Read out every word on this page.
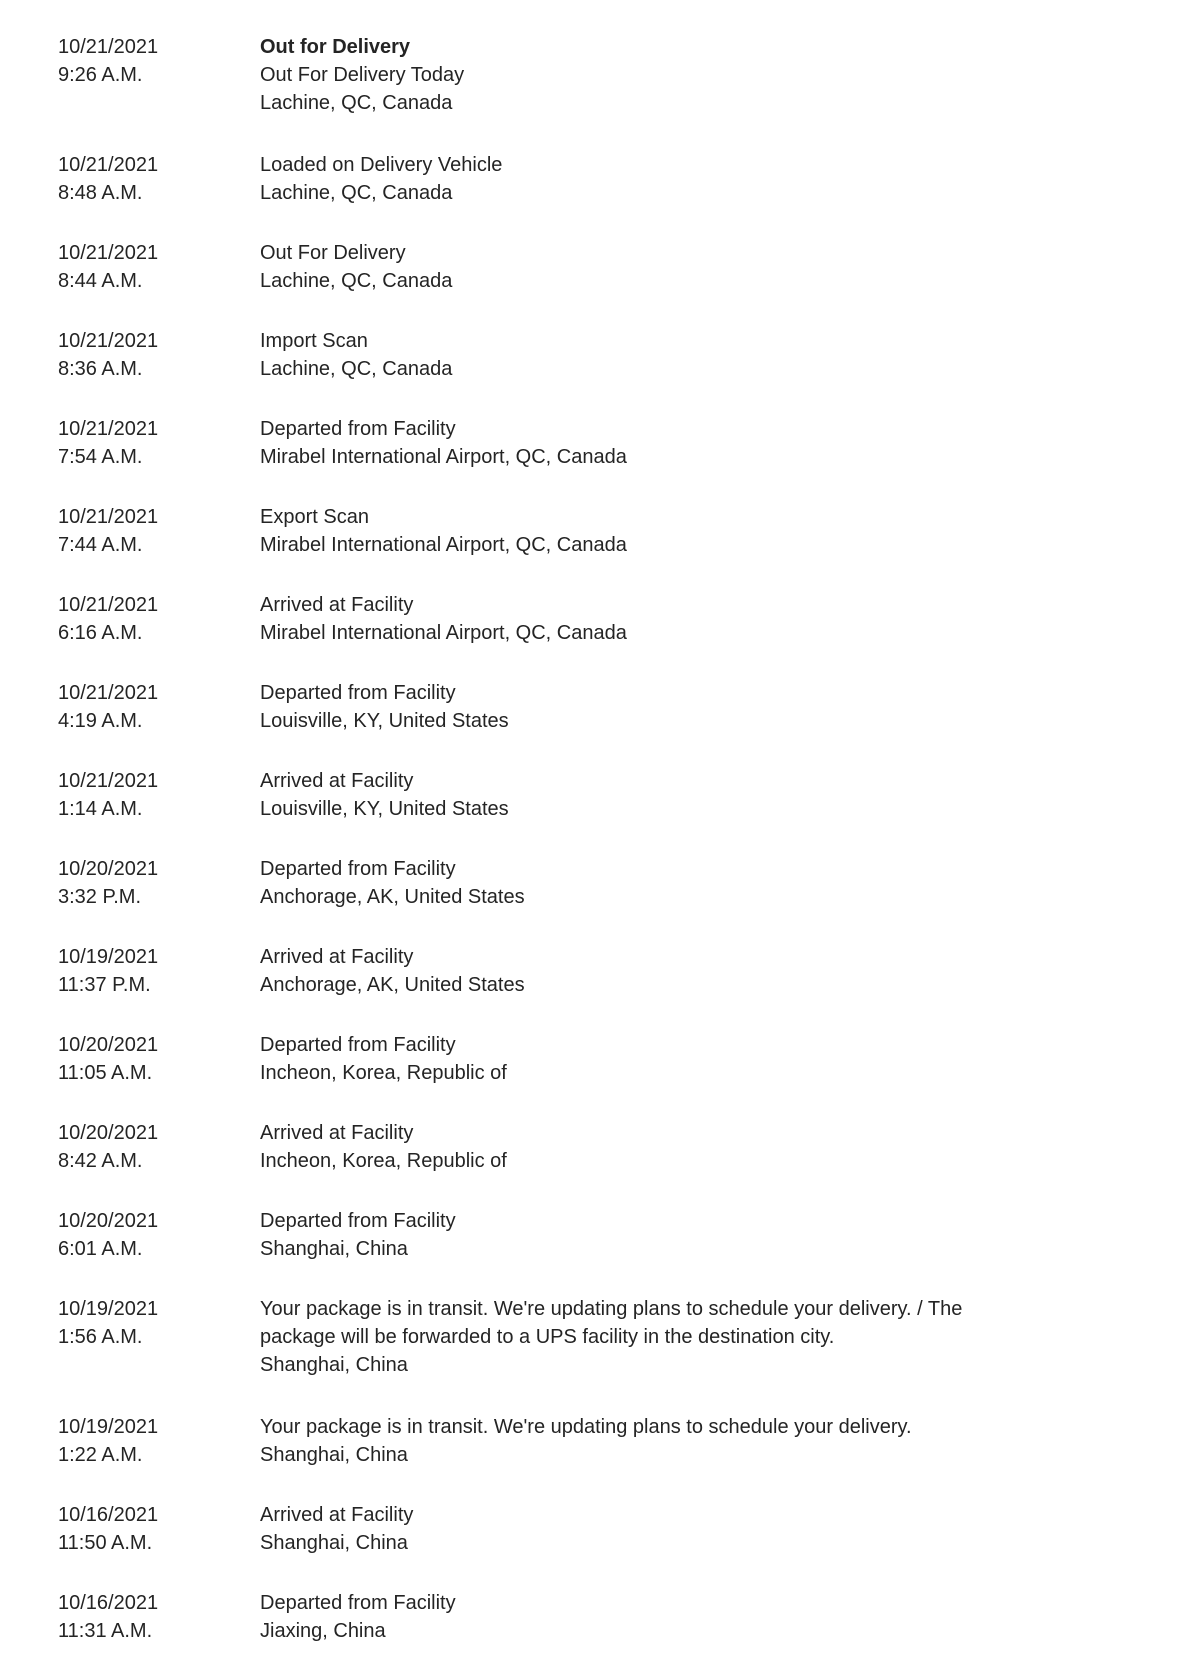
10/21/2021
9:26 A.M.
Out for Delivery
Out For Delivery Today
Lachine, QC, Canada
10/21/2021
8:48 A.M.
Loaded on Delivery Vehicle
Lachine, QC, Canada
10/21/2021
8:44 A.M.
Out For Delivery
Lachine, QC, Canada
10/21/2021
8:36 A.M.
Import Scan
Lachine, QC, Canada
10/21/2021
7:54 A.M.
Departed from Facility
Mirabel International Airport, QC, Canada
10/21/2021
7:44 A.M.
Export Scan
Mirabel International Airport, QC, Canada
10/21/2021
6:16 A.M.
Arrived at Facility
Mirabel International Airport, QC, Canada
10/21/2021
4:19 A.M.
Departed from Facility
Louisville, KY, United States
10/21/2021
1:14 A.M.
Arrived at Facility
Louisville, KY, United States
10/20/2021
3:32 P.M.
Departed from Facility
Anchorage, AK, United States
10/19/2021
11:37 P.M.
Arrived at Facility
Anchorage, AK, United States
10/20/2021
11:05 A.M.
Departed from Facility
Incheon, Korea, Republic of
10/20/2021
8:42 A.M.
Arrived at Facility
Incheon, Korea, Republic of
10/20/2021
6:01 A.M.
Departed from Facility
Shanghai, China
10/19/2021
1:56 A.M.
Your package is in transit. We're updating plans to schedule your delivery. / The package will be forwarded to a UPS facility in the destination city.
Shanghai, China
10/19/2021
1:22 A.M.
Your package is in transit. We're updating plans to schedule your delivery.
Shanghai, China
10/16/2021
11:50 A.M.
Arrived at Facility
Shanghai, China
10/16/2021
11:31 A.M.
Departed from Facility
Jiaxing, China
